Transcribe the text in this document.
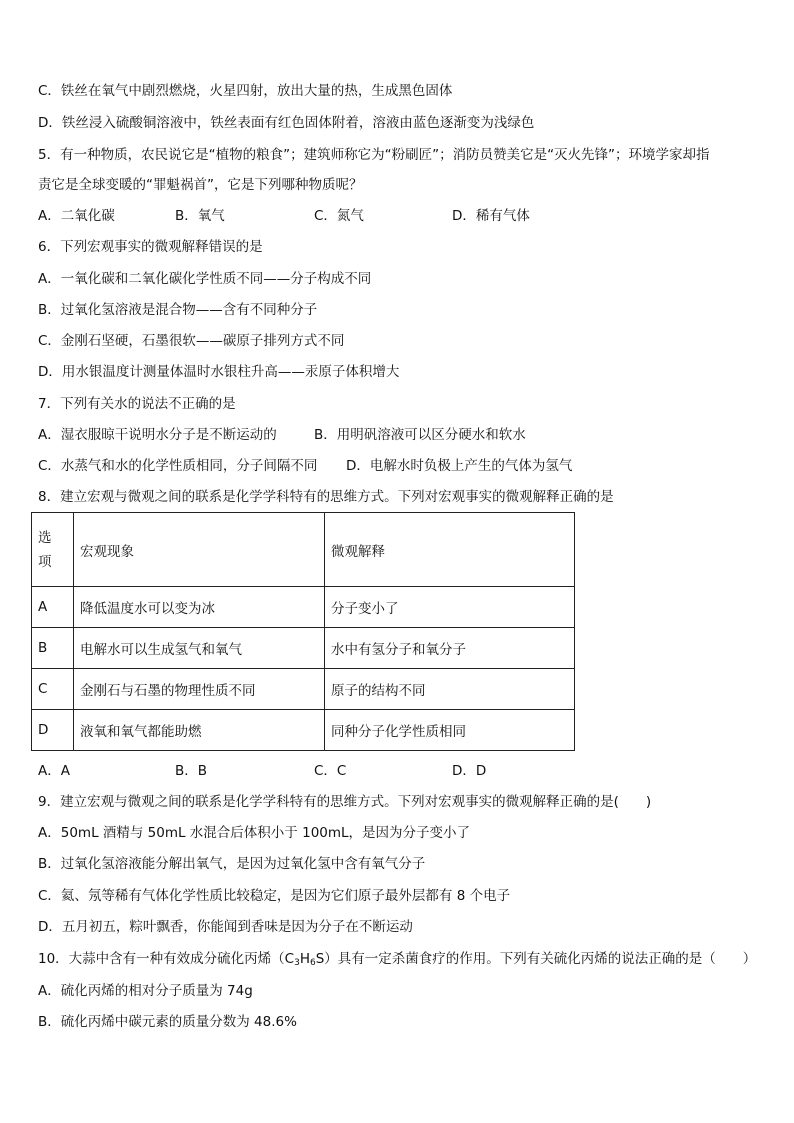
C．铁丝在氧气中剧烈燃烧，火星四射，放出大量的热，生成黑色固体
D．铁丝浸入硫酸铜溶液中，铁丝表面有红色固体附着，溶液由蓝色逐渐变为浅绿色
5．有一种物质，农民说它是“植物的粮食”；建筑师称它为“粉刷匠”；消防员赞美它是“灭火先锋”；环境学家却指
责它是全球变暖的“罪魁祸首”，它是下列哪种物质呢？
A．二氧化碳	B．氧气	C．氮气	D．稀有气体
6．下列宏观事实的微观解释错误的是
A．一氧化碳和二氧化碳化学性质不同——分子构成不同
B．过氧化氢溶液是混合物——含有不同种分子
C．金刚石坚硬，石墨很软——碳原子排列方式不同
D．用水银温度计测量体温时水银柱升高——汞原子体积增大
7．下列有关水的说法不正确的是
A．湿衣服晾干说明水分子是不断运动的	B．用明矾溶液可以区分硬水和软水
C．水蒸气和水的化学性质相同，分子间隔不同 D．电解水时负极上产生的气体为氢气
8．建立宏观与微观之间的联系是化学学科特有的思维方式。下列对宏观事实的微观解释正确的是
选
项	宏观现象	微观解释
A	降低温度水可以变为冰	分子变小了
B	电解水可以生成氢气和氧气	水中有氢分子和氧分子
C	金刚石与石墨的物理性质不同	原子的结构不同
D	液氧和氧气都能助燃	同种分子化学性质相同
A．A	B．B	C．C	D．D
9．建立宏观与微观之间的联系是化学学科特有的思维方式。下列对宏观事实的微观解释正确的是(　　)
A．50mL 酒精与 50mL 水混合后体积小于 100mL，是因为分子变小了
B．过氧化氢溶液能分解出氧气，是因为过氧化氢中含有氧气分子
C．氦、氖等稀有气体化学性质比较稳定，是因为它们原子最外层都有 8 个电子
D．五月初五，粽叶飘香，你能闻到香味是因为分子在不断运动
10．大蒜中含有一种有效成分硫化丙烯$(C_3H_6S)$具有一定杀菌食疗的作用。下列有关硫化丙烯的说法正确的是（　　）
A．硫化丙烯的相对分子质量为 74g
B．硫化丙烯中碳元素的质量分数为 48.6%
